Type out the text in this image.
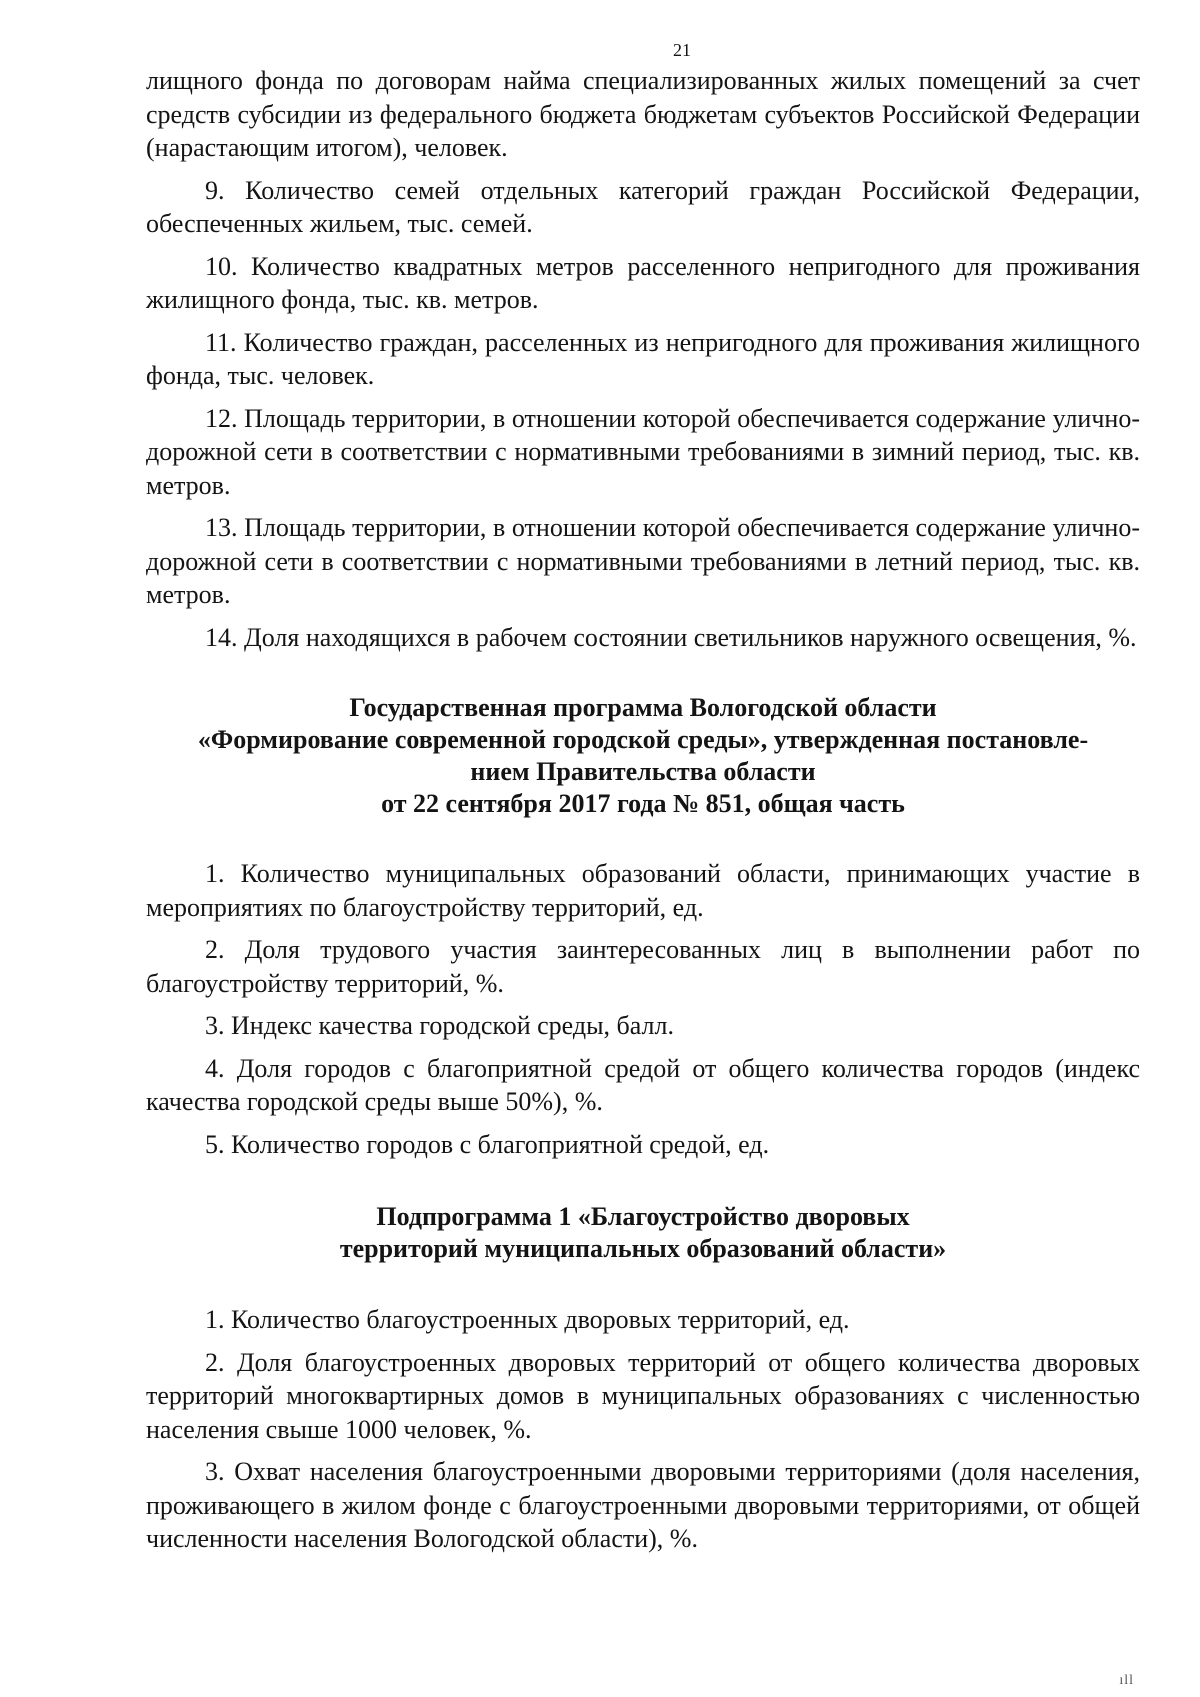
21

лищного фонда по договорам найма специализированных жилых помещений за счет средств субсидии из федерального бюджета бюджетам субъектов Российской Федерации (нарастающим итогом), человек.

9. Количество семей отдельных категорий граждан Российской Федерации, обеспеченных жильем, тыс. семей.

10. Количество квадратных метров расселенного непригодного для проживания жилищного фонда, тыс. кв. метров.

11. Количество граждан, расселенных из непригодного для проживания жилищного фонда, тыс. человек.

12. Площадь территории, в отношении которой обеспечивается содержание улично-дорожной сети в соответствии с нормативными требованиями в зимний период, тыс. кв. метров.

13. Площадь территории, в отношении которой обеспечивается содержание улично-дорожной сети в соответствии с нормативными требованиями в летний период, тыс. кв. метров.

14. Доля находящихся в рабочем состоянии светильников наружного освещения, %.

Государственная программа Вологодской области
«Формирование современной городской среды», утвержденная постановле-
нием Правительства области
от 22 сентября 2017 года № 851, общая часть

1. Количество муниципальных образований области, принимающих участие в мероприятиях по благоустройству территорий, ед.

2. Доля трудового участия заинтересованных лиц в выполнении работ по благоустройству территорий, %.

3. Индекс качества городской среды, балл.

4. Доля городов с благоприятной средой от общего количества городов (индекс качества городской среды выше 50%), %.

5. Количество городов с благоприятной средой, ед.

Подпрограмма 1 «Благоустройство дворовых
территорий муниципальных образований области»

1. Количество благоустроенных дворовых территорий, ед.

2. Доля благоустроенных дворовых территорий от общего количества дворовых территорий многоквартирных домов в муниципальных образованиях с численностью населения свыше 1000 человек, %.

3. Охват населения благоустроенными дворовыми территориями (доля населения, проживающего в жилом фонде с благоустроенными дворовыми территориями, от общей численности населения Вологодской области), %.

ıll
